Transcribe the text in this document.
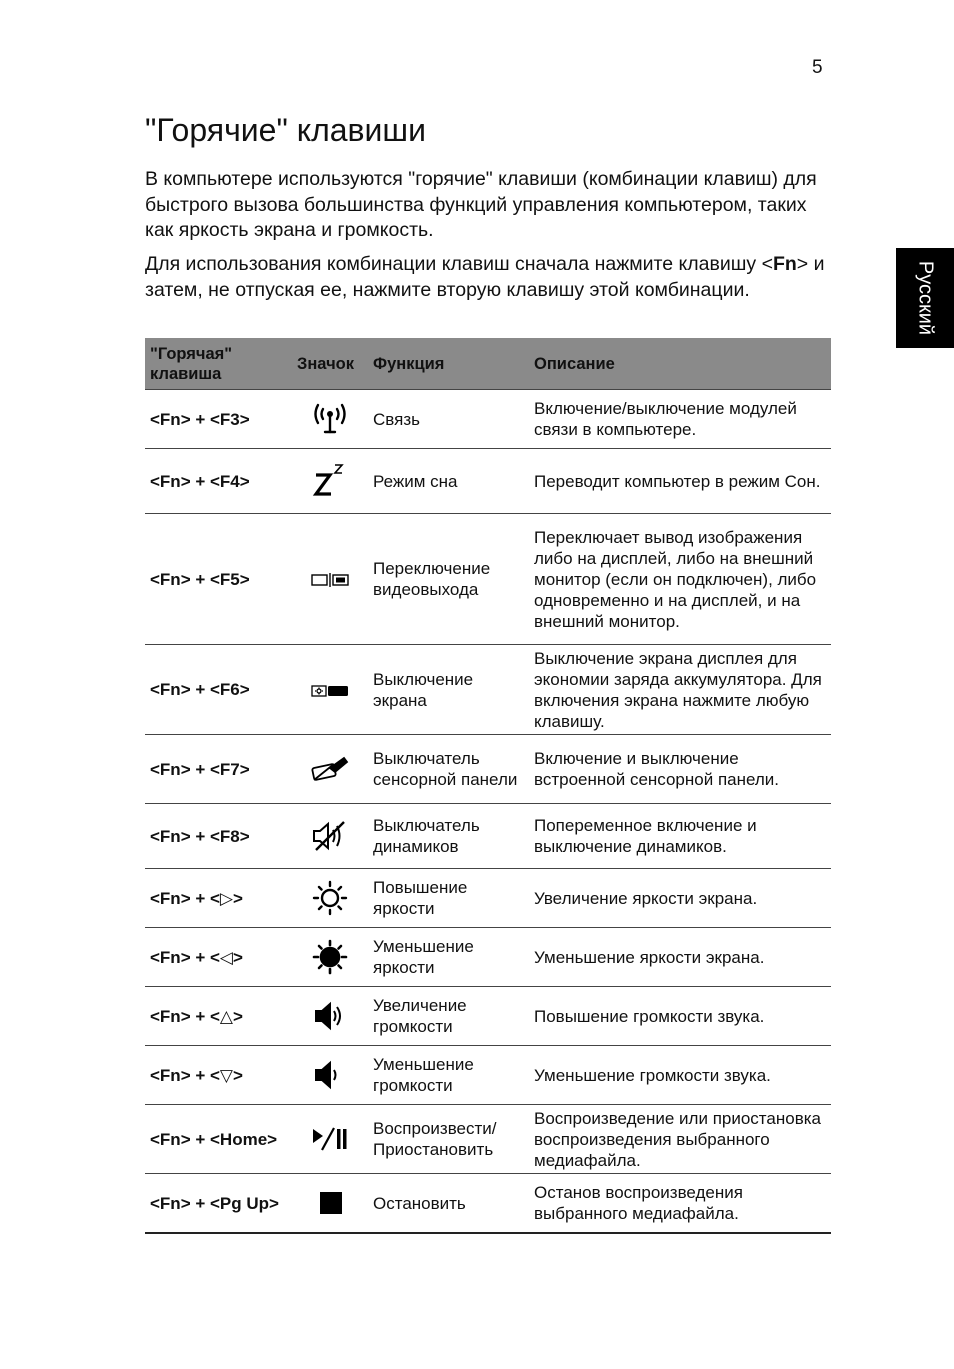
5
Русский
"Горячие" клавиши

В компьютере используются "горячие" клавиши (комбинации клавиш) для быстрого вызова большинства функций управления компьютером, таких как яркость экрана и громкость.

Для использования комбинации клавиш сначала нажмите клавишу <Fn> и затем, не отпуская ее, нажмите вторую клавишу этой комбинации.

"Горячая" клавиша	Значок	Функция	Описание
<Fn> + <F3>		Связь	Включение/выключение модулей связи в компьютере.
<Fn> + <F4>		Режим сна	Переводит компьютер в режим Сон.
<Fn> + <F5>		Переключение видеовыхода	Переключает вывод изображения либо на дисплей, либо на внешний монитор (если он подключен), либо одновременно и на дисплей, и на внешний монитор.
<Fn> + <F6>		Выключение экрана	Выключение экрана дисплея для экономии заряда аккумулятора. Для включения экрана нажмите любую клавишу.
<Fn> + <F7>		Выключатель сенсорной панели	Включение и выключение встроенной сенсорной панели.
<Fn> + <F8>		Выключатель динамиков	Попеременное включение и выключение динамиков.
<Fn> + <▷>		Повышение яркости	Увеличение яркости экрана.
<Fn> + <◁>		Уменьшение яркости	Уменьшение яркости экрана.
<Fn> + <△>		Увеличение громкости	Повышение громкости звука.
<Fn> + <▽>		Уменьшение громкости	Уменьшение громкости звука.
<Fn> + <Home>		Воспроизвести/ Приостановить	Воспроизведение или приостановка воспроизведения выбранного медиафайла.
<Fn> + <Pg Up>		Остановить	Останов воспроизведения выбранного медиафайла.
